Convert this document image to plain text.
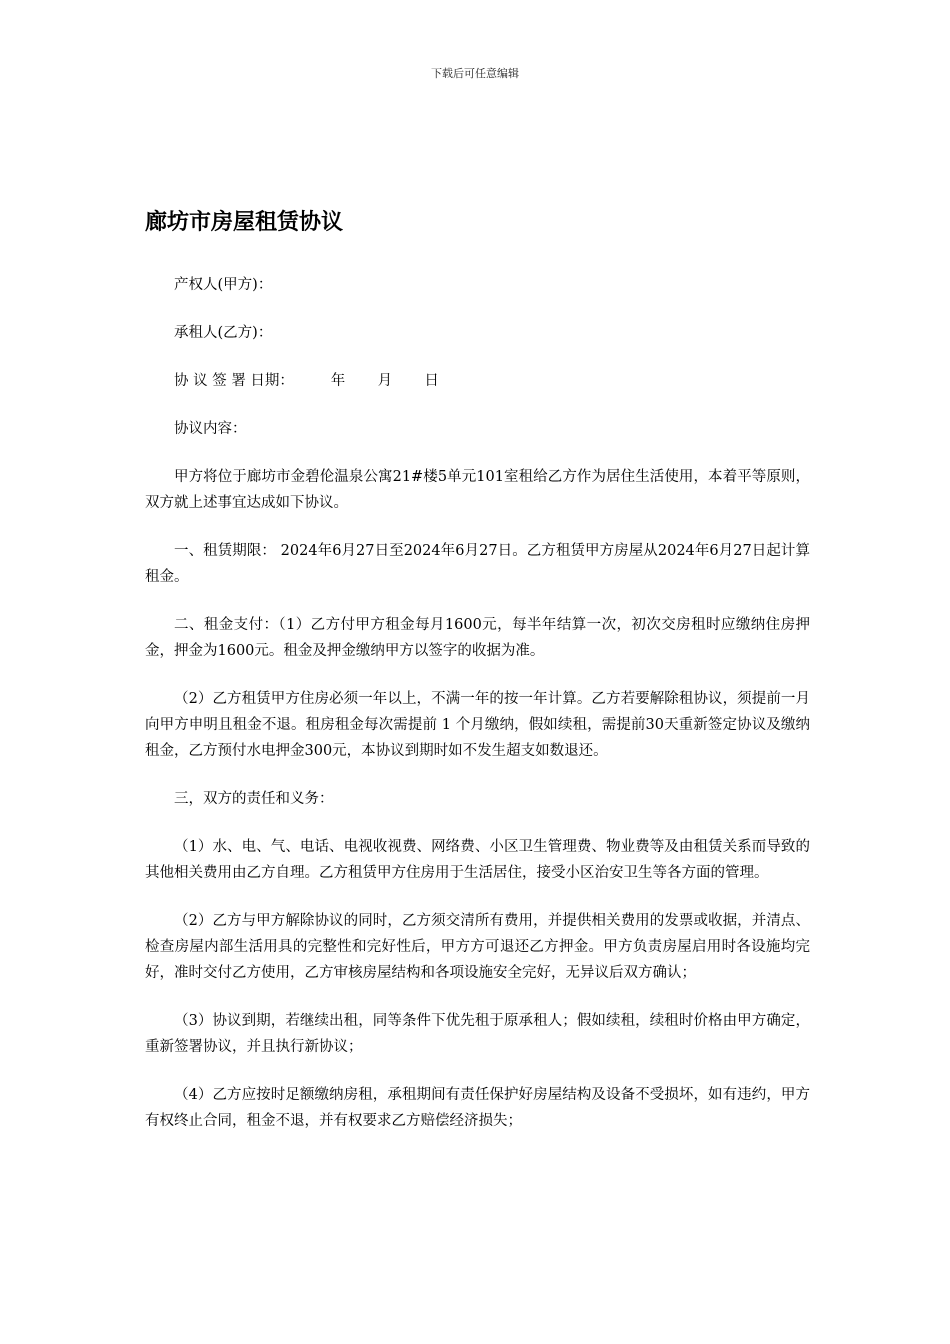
下载后可任意编辑
廊坊市房屋租赁协议

产权人(甲方)：

承租人(乙方)：

协 议 签 署 日期：        年       月       日

协议内容：

甲方将位于廊坊市金碧伦温泉公寓21#楼5单元101室租给乙方作为居住生活使用，本着平等原则，双方就上述事宜达成如下协议。

一、租赁期限： 2024年6月27日至2024年6月27日。乙方租赁甲方房屋从2024年6月27日起计算租金。

二、租金支付：（1）乙方付甲方租金每月1600元，每半年结算一次，初次交房租时应缴纳住房押金，押金为1600元。租金及押金缴纳甲方以签字的收据为准。

（2）乙方租赁甲方住房必须一年以上，不满一年的按一年计算。乙方若要解除租协议，须提前一月向甲方申明且租金不退。租房租金每次需提前 1 个月缴纳，假如续租，需提前30天重新签定协议及缴纳租金，乙方预付水电押金300元，本协议到期时如不发生超支如数退还。

三，双方的责任和义务：

（1）水、电、气、电话、电视收视费、网络费、小区卫生管理费、物业费等及由租赁关系而导致的其他相关费用由乙方自理。乙方租赁甲方住房用于生活居住，接受小区治安卫生等各方面的管理。

（2）乙方与甲方解除协议的同时，乙方须交清所有费用，并提供相关费用的发票或收据，并清点、检查房屋内部生活用具的完整性和完好性后，甲方方可退还乙方押金。甲方负责房屋启用时各设施均完好，准时交付乙方使用，乙方审核房屋结构和各项设施安全完好，无异议后双方确认；

（3）协议到期，若继续出租，同等条件下优先租于原承租人；假如续租，续租时价格由甲方确定，重新签署协议，并且执行新协议；

（4）乙方应按时足额缴纳房租，承租期间有责任保护好房屋结构及设备不受损坏，如有违约，甲方有权终止合同，租金不退，并有权要求乙方赔偿经济损失；
